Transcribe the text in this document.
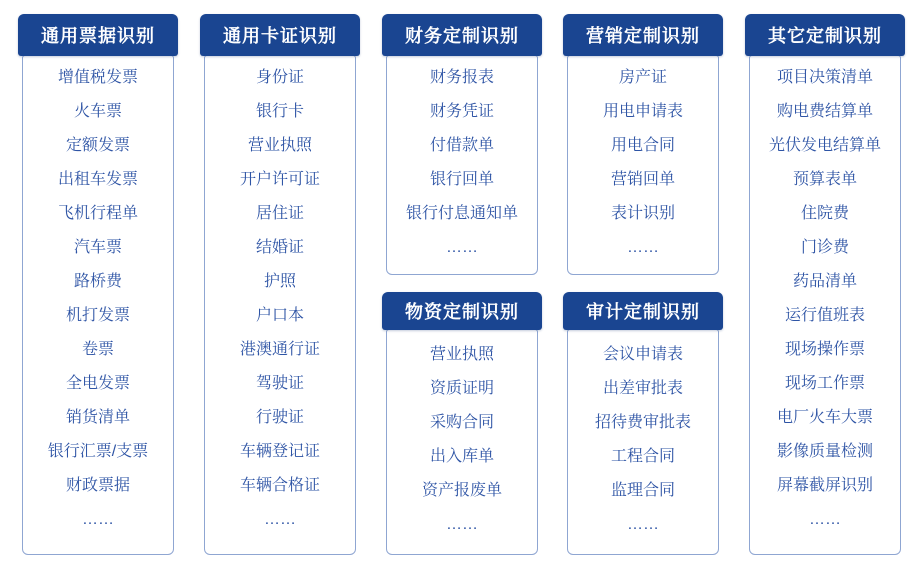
通用票据识别
增值税发票
火车票
定额发票
出租车发票
飞机行程单
汽车票
路桥费
机打发票
卷票
全电发票
销货清单
银行汇票/支票
财政票据
……
通用卡证识别
身份证
银行卡
营业执照
开户许可证
居住证
结婚证
护照
户口本
港澳通行证
驾驶证
行驶证
车辆登记证
车辆合格证
……
财务定制识别
财务报表
财务凭证
付借款单
银行回单
银行付息通知单
……
物资定制识别
营业执照
资质证明
采购合同
出入库单
资产报废单
……
营销定制识别
房产证
用电申请表
用电合同
营销回单
表计识别
……
审计定制识别
会议申请表
出差审批表
招待费审批表
工程合同
监理合同
……
其它定制识别
项目决策清单
购电费结算单
光伏发电结算单
预算表单
住院费
门诊费
药品清单
运行值班表
现场操作票
现场工作票
电厂火车大票
影像质量检测
屏幕截屏识别
……
